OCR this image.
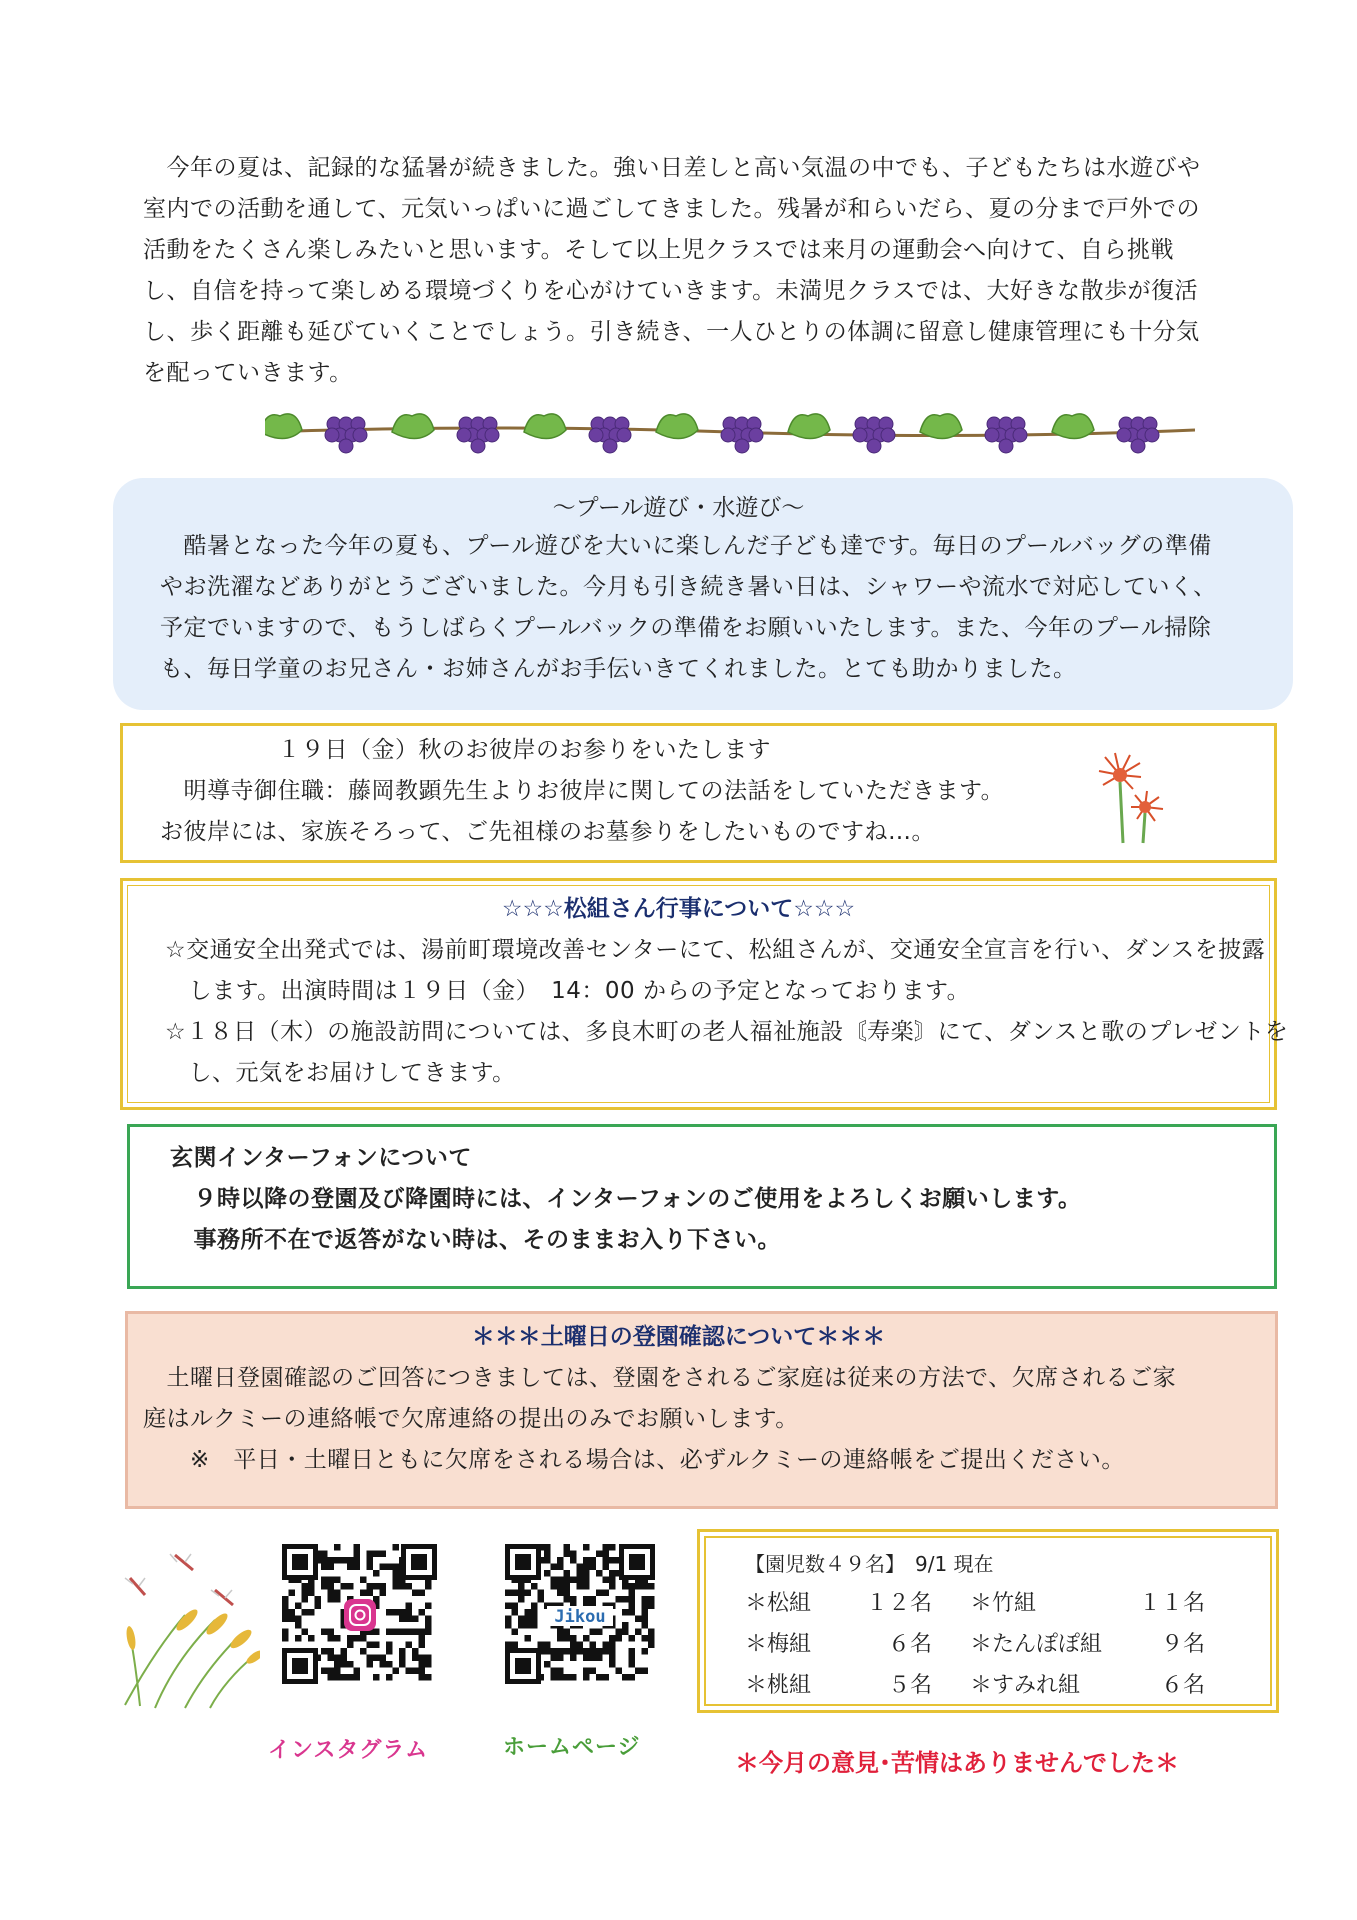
　今年の夏は、記録的な猛暑が続きました。強い日差しと高い気温の中でも、子どもたちは水遊びや
室内での活動を通して、元気いっぱいに過ごしてきました。残暑が和らいだら、夏の分まで戸外での
活動をたくさん楽しみたいと思います。そして以上児クラスでは来月の運動会へ向けて、自ら挑戦
し、自信を持って楽しめる環境づくりを心がけていきます。未満児クラスでは、大好きな散歩が復活
し、歩く距離も延びていくことでしょう。引き続き、一人ひとりの体調に留意し健康管理にも十分気
を配っていきます。
～プール遊び・水遊び～
　酷暑となった今年の夏も、プール遊びを大いに楽しんだ子ども達です。毎日のプールバッグの準備
やお洗濯などありがとうございました。今月も引き続き暑い日は、シャワーや流水で対応していく、
予定でいますので、もうしばらくプールバックの準備をお願いいたします。また、今年のプール掃除
も、毎日学童のお兄さん・お姉さんがお手伝いきてくれました。とても助かりました。
　　　　　１９日（金）秋のお彼岸のお参りをいたします
　明導寺御住職：藤岡教顕先生よりお彼岸に関しての法話をしていただきます。
お彼岸には、家族そろって、ご先祖様のお墓参りをしたいものですね…。
☆☆☆松組さん行事について☆☆☆
☆交通安全出発式では、湯前町環境改善センターにて、松組さんが、交通安全宣言を行い、ダンスを披露
　します。出演時間は１９日（金）　14：00 からの予定となっております。
☆１８日（木）の施設訪問については、多良木町の老人福祉施設〘寿楽〙にて、ダンスと歌のプレゼントを
　し、元気をお届けしてきます。
玄関インターフォンについて
　９時以降の登園及び降園時には、インターフォンのご使用をよろしくお願いします。
　事務所不在で返答がない時は、そのままお入り下さい。
＊＊＊土曜日の登園確認について＊＊＊
　土曜日登園確認のご回答につきましては、登園をされるご家庭は従来の方法で、欠席されるご家
庭はルクミーの連絡帳で欠席連絡の提出のみでお願いします。
　　※　平日・土曜日ともに欠席をされる場合は、必ずルクミーの連絡帳をご提出ください。
Jikou
インスタグラム	ホームページ
【園児数４９名】　9/1 現在
＊松組 １２名 ＊竹組	１１名
＊梅組	６名 ＊たんぽぽ組	９名
＊桃組	５名 ＊すみれ組	６名
＊今月の意見･苦情はありませんでした＊
